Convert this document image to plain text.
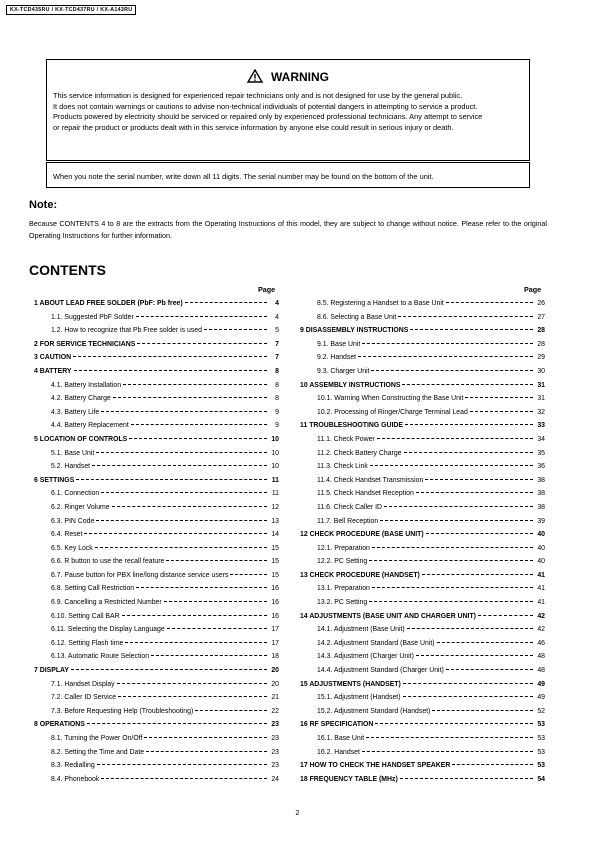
KX-TCD435RU / KX-TCD437RU / KX-A143RU
WARNING
This service information is designed for experienced repair technicians only and is not designed for use by the general public.
It does not contain warnings or cautions to advise non-technical individuals of potential dangers in attempting to service a product.
Products powered by electricity should be serviced or repaired only by experienced professional technicians. Any attempt to service
or repair the product or products dealt with in this service information by anyone else could result in serious injury or death.
When you note the serial number, write down all 11 digits. The serial number may be found on the bottom of the unit.
Note:
Because CONTENTS 4 to 8 are the extracts from the Operating Instructions of this model, they are subject to change without notice. Please refer to the original Operating Instructions for further information.
CONTENTS
Page	Page
1 ABOUT LEAD FREE SOLDER (PbF: Pb free)	4
1.1. Suggested PbF Solder	4
1.2. How to recognize that Pb Free solder is used	5
2 FOR SERVICE TECHNICIANS	7
3 CAUTION	7
4 BATTERY	8
4.1. Battery Installation	8
4.2. Battery Charge	8
4.3. Battery Life	9
4.4. Battery Replacement	9
5 LOCATION OF CONTROLS	10
5.1. Base Unit	10
5.2. Handset	10
6 SETTINGS	11
6.1. Connection	11
6.2. Ringer Volume	12
6.3. PIN Code	13
6.4. Reset	14
6.5. Key Lock	15
6.6. R button to use the recall feature	15
6.7. Pause button for PBX line/long distance service users	15
6.8. Setting Call Restriction	16
6.9. Cancelling a Restricted Number	16
6.10. Setting Call BAR	16
6.11. Selecting the Display Language	17
6.12. Setting Flash time	17
6.13. Automatic Route Selection	18
7 DISPLAY	20
7.1. Handset Display	20
7.2. Caller ID Service	21
7.3. Before Requesting Help (Troubleshooting)	22
8 OPERATIONS	23
8.1. Turning the Power On/Off	23
8.2. Setting the Time and Date	23
8.3. Redialling	23
8.4. Phonebook	24
8.5. Registering a Handset to a Base Unit	26
8.6. Selecting a Base Unit	27
9 DISASSEMBLY INSTRUCTIONS	28
9.1. Base Unit	28
9.2. Handset	29
9.3. Charger Unit	30
10 ASSEMBLY INSTRUCTIONS	31
10.1. Warning When Constructing the Base Unit	31
10.2. Processing of Ringer/Charge Terminal Lead	32
11 TROUBLESHOOTING GUIDE	33
11.1. Check Power	34
11.2. Check Battery Charge	35
11.3. Check Link	36
11.4. Check Handset Transmission	38
11.5. Check Handset Reception	38
11.6. Check Caller ID	38
11.7. Bell Reception	39
12 CHECK PROCEDURE (BASE UNIT)	40
12.1. Preparation	40
12.2. PC Setting	40
13 CHECK PROCEDURE (HANDSET)	41
13.1. Preparation	41
13.2. PC Setting	41
14 ADJUSTMENTS (BASE UNIT AND CHARGER UNIT)	42
14.1. Adjustment (Base Unit)	42
14.2. Adjustment Standard (Base Unit)	46
14.3. Adjustment (Charger Unit)	48
14.4. Adjustment Standard (Charger Unit)	48
15 ADJUSTMENTS (HANDSET)	49
15.1. Adjustment (Handset)	49
15.2. Adjustment Standard (Handset)	52
16 RF SPECIFICATION	53
16.1. Base Unit	53
16.2. Handset	53
17 HOW TO CHECK THE HANDSET SPEAKER	53
18 FREQUENCY TABLE (MHz)	54
2
